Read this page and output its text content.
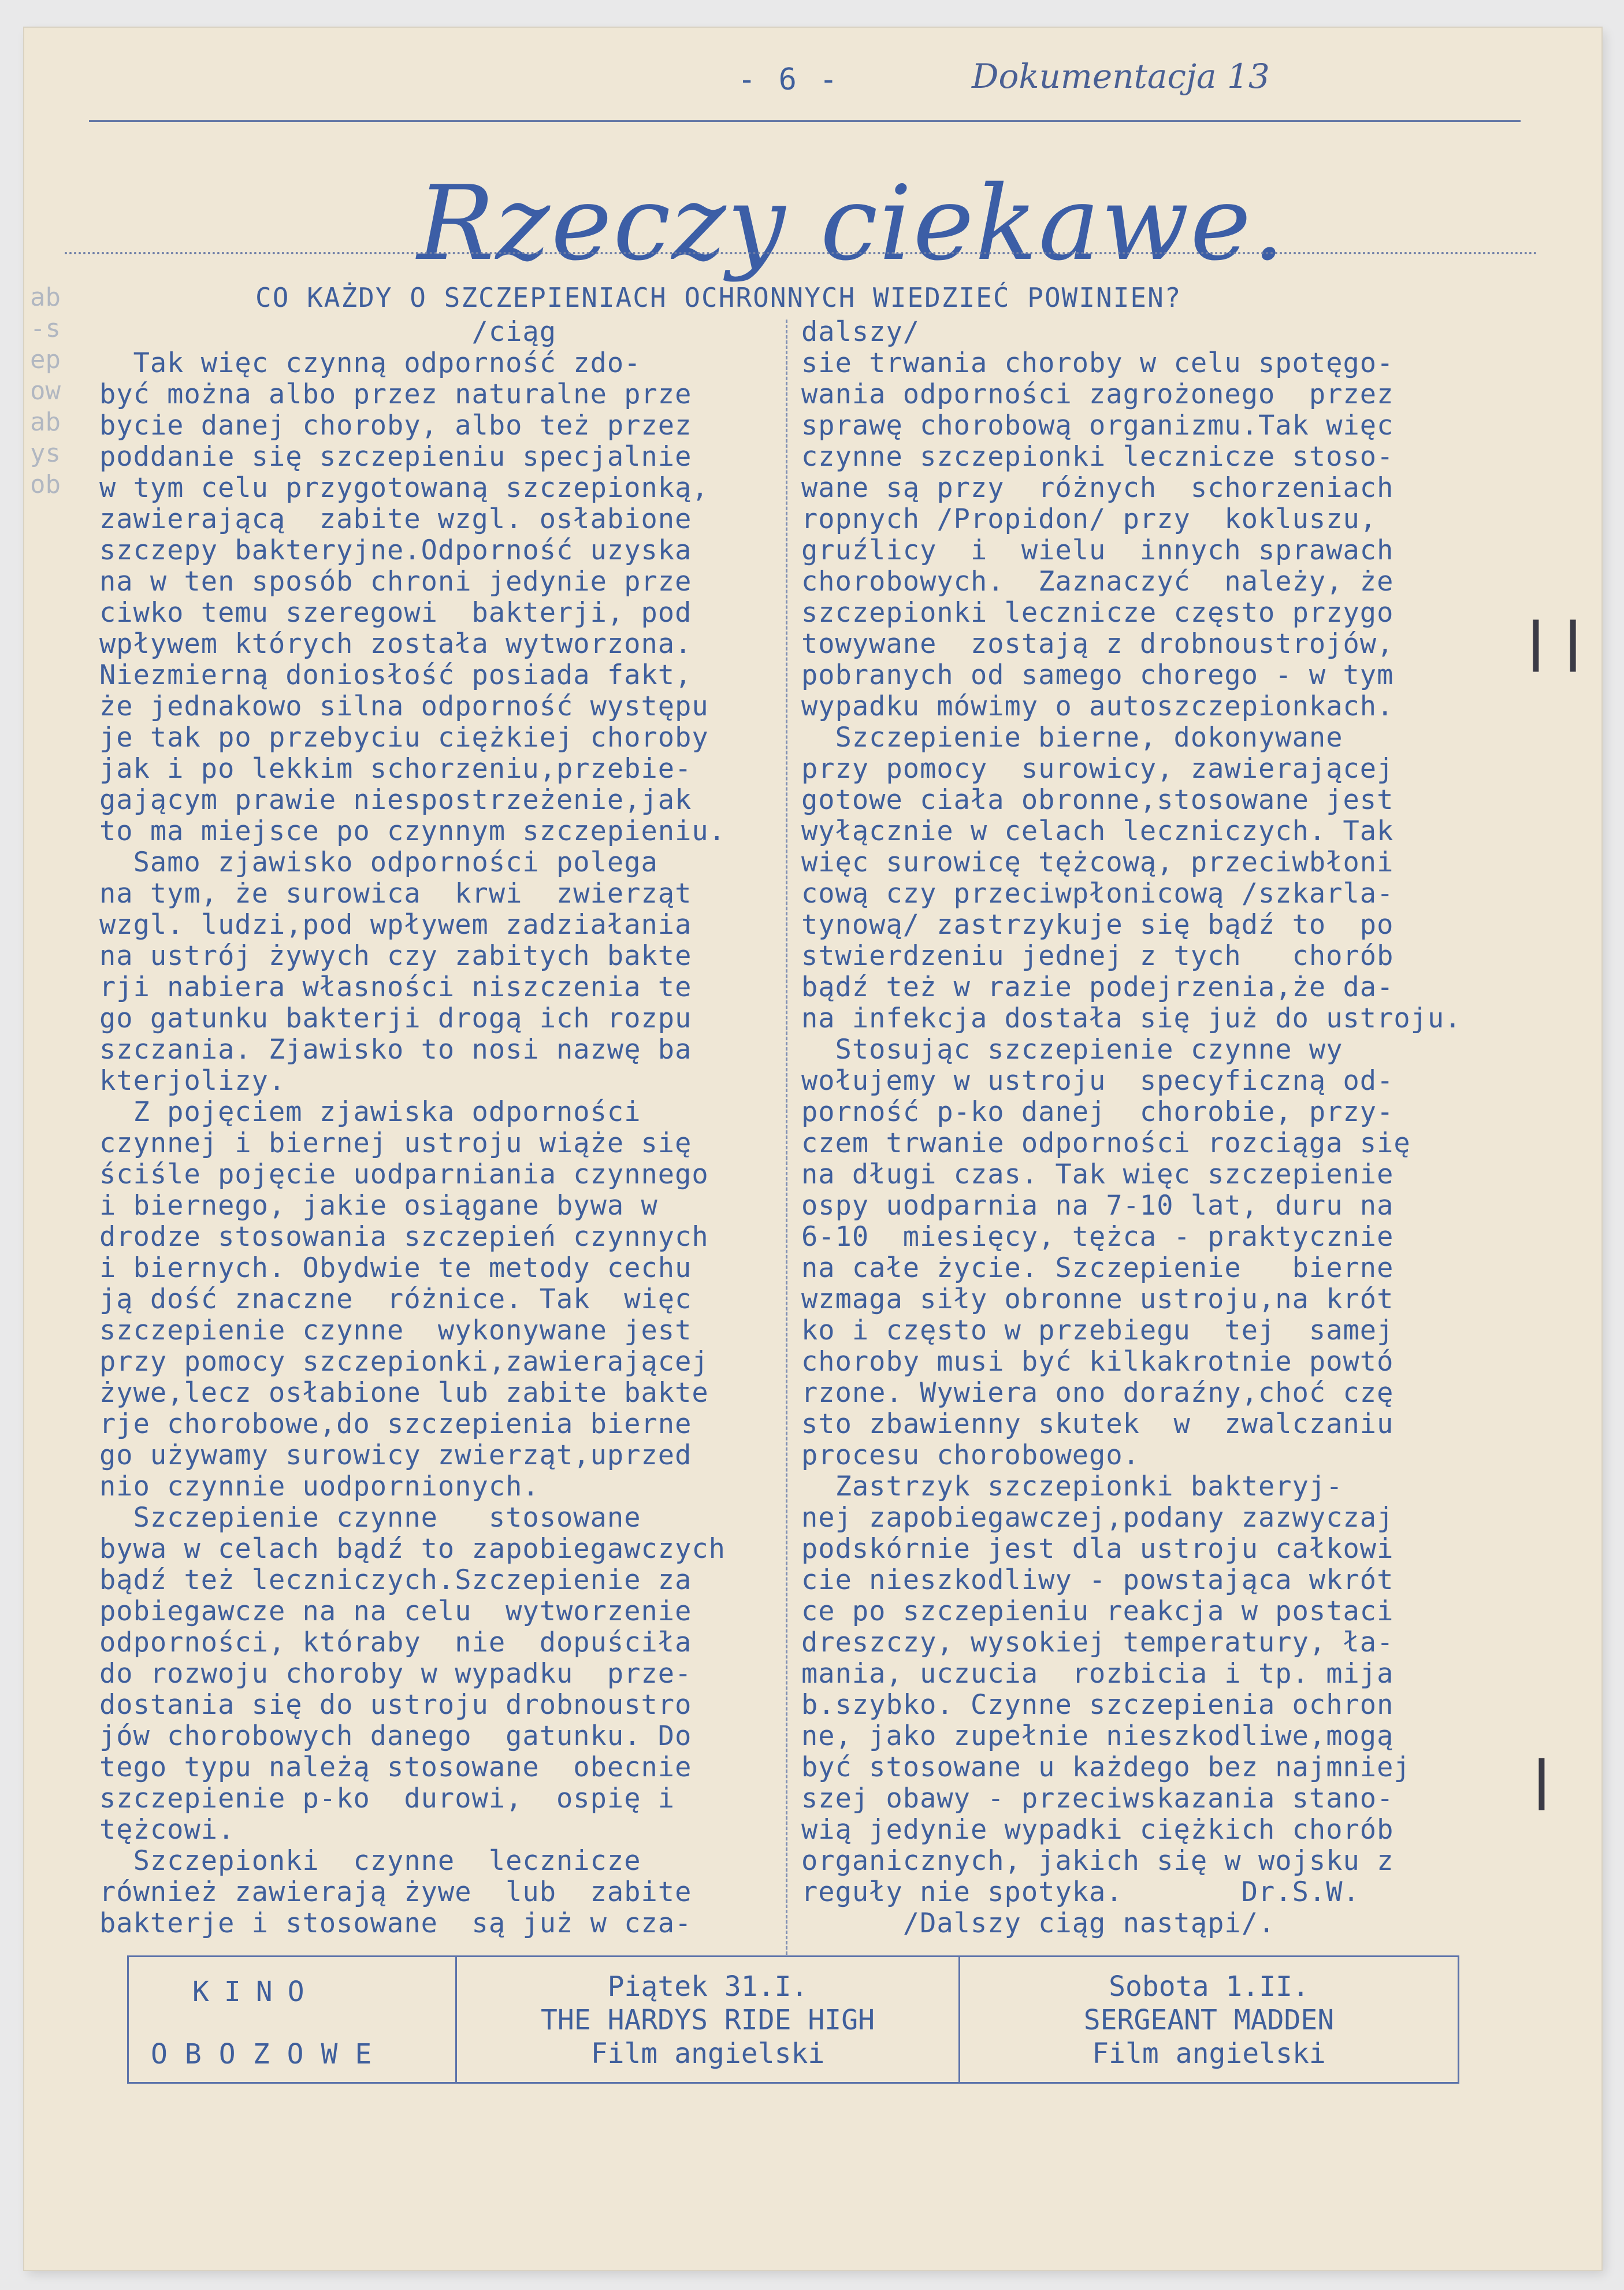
- 6 -	Dokumentacja 13
Rzeczy ciekawe.
CO KAŻDY O SZCZEPIENIACH OCHRONNYCH WIEDZIEĆ POWINIEN?
ab
-s
ep
ow
ab
ys
ob
/ciąg
Tak więc czynną odporność zdo-
być można albo przez naturalne prze
bycie danej choroby, albo też przez
poddanie się szczepieniu specjalnie
w tym celu przygotowaną szczepionką,
zawierającą  zabite wzgl. osłabione
szczepy bakteryjne.Odporność uzyska
na w ten sposób chroni jedynie prze
ciwko temu szeregowi  bakterji, pod
wpływem których została wytworzona.
Niezmierną doniosłość posiada fakt,
że jednakowo silna odporność występu
je tak po przebyciu ciężkiej choroby
jak i po lekkim schorzeniu,przebie-
gającym prawie niespostrzeżenie,jak
to ma miejsce po czynnym szczepieniu.
Samo zjawisko odporności polega
na tym, że surowica  krwi  zwierząt
wzgl. ludzi,pod wpływem zadziałania
na ustrój żywych czy zabitych bakte
rji nabiera własności niszczenia te
go gatunku bakterji drogą ich rozpu
szczania. Zjawisko to nosi nazwę ba
kterjolizy.
Z pojęciem zjawiska odporności
czynnej i biernej ustroju wiąże się
ściśle pojęcie uodparniania czynnego
i biernego, jakie osiągane bywa w
drodze stosowania szczepień czynnych
i biernych. Obydwie te metody cechu
ją dość znaczne  różnice. Tak  więc
szczepienie czynne  wykonywane jest
przy pomocy szczepionki,zawierającej
żywe,lecz osłabione lub zabite bakte
rje chorobowe,do szczepienia bierne
go używamy surowicy zwierząt,uprzed
nio czynnie uodpornionych.
Szczepienie czynne   stosowane
bywa w celach bądź to zapobiegawczych
bądź też leczniczych.Szczepienie za
pobiegawcze na na celu  wytworzenie
odporności, któraby  nie  dopuściła
do rozwoju choroby w wypadku  prze-
dostania się do ustroju drobnoustro
jów chorobowych danego  gatunku. Do
tego typu należą stosowane  obecnie
szczepienie p-ko  durowi,  ospię i
tężcowi.
Szczepionki  czynne  lecznicze
również zawierają żywe  lub  zabite
bakterje i stosowane  są już w cza-
dalszy/
sie trwania choroby w celu spotęgo-
wania odporności zagrożonego  przez
sprawę chorobową organizmu.Tak więc
czynne szczepionki lecznicze stoso-
wane są przy  różnych  schorzeniach
ropnych /Propidon/ przy  kokluszu,
gruźlicy  i  wielu  innych sprawach
chorobowych.  Zaznaczyć  należy, że
szczepionki lecznicze często przygo
towywane  zostają z drobnoustrojów,
pobranych od samego chorego - w tym
wypadku mówimy o autoszczepionkach.
Szczepienie bierne, dokonywane
przy pomocy  surowicy, zawierającej
gotowe ciała obronne,stosowane jest
wyłącznie w celach leczniczych. Tak
więc surowicę tężcową, przeciwbłoni
cową czy przeciwpłonicową /szkarla-
tynową/ zastrzykuje się bądź to  po
stwierdzeniu jednej z tych   chorób
bądź też w razie podejrzenia,że da-
na infekcja dostała się już do ustroju.
Stosując szczepienie czynne wy
wołujemy w ustroju  specyficzną od-
porność p-ko danej  chorobie, przy-
czem trwanie odporności rozciąga się
na długi czas. Tak więc szczepienie
ospy uodparnia na 7-10 lat, duru na
6-10  miesięcy, tężca - praktycznie
na całe życie. Szczepienie   bierne
wzmaga siły obronne ustroju,na krót
ko i często w przebiegu  tej  samej
choroby musi być kilkakrotnie powtó
rzone. Wywiera ono doraźny,choć czę
sto zbawienny skutek  w  zwalczaniu
procesu chorobowego.
Zastrzyk szczepionki bakteryj-
nej zapobiegawczej,podany zazwyczaj
podskórnie jest dla ustroju całkowi
cie nieszkodliwy - powstająca wkrót
ce po szczepieniu reakcja w postaci
dreszczy, wysokiej temperatury, ła-
mania, uczucia  rozbicia i tp. mija
b.szybko. Czynne szczepienia ochron
ne, jako zupełnie nieszkodliwe,mogą
być stosowane u każdego bez najmniej
szej obawy - przeciwskazania stano-
wią jedynie wypadki ciężkich chorób
organicznych, jakich się w wojsku z
reguły nie spotyka.       Dr.S.W.
/Dalszy ciąg nastąpi/.
| |
|
KINO
OBOZOWE
Piątek 31.I.
THE HARDYS RIDE HIGH
Film angielski
Sobota 1.II.
SERGEANT MADDEN
Film angielski
